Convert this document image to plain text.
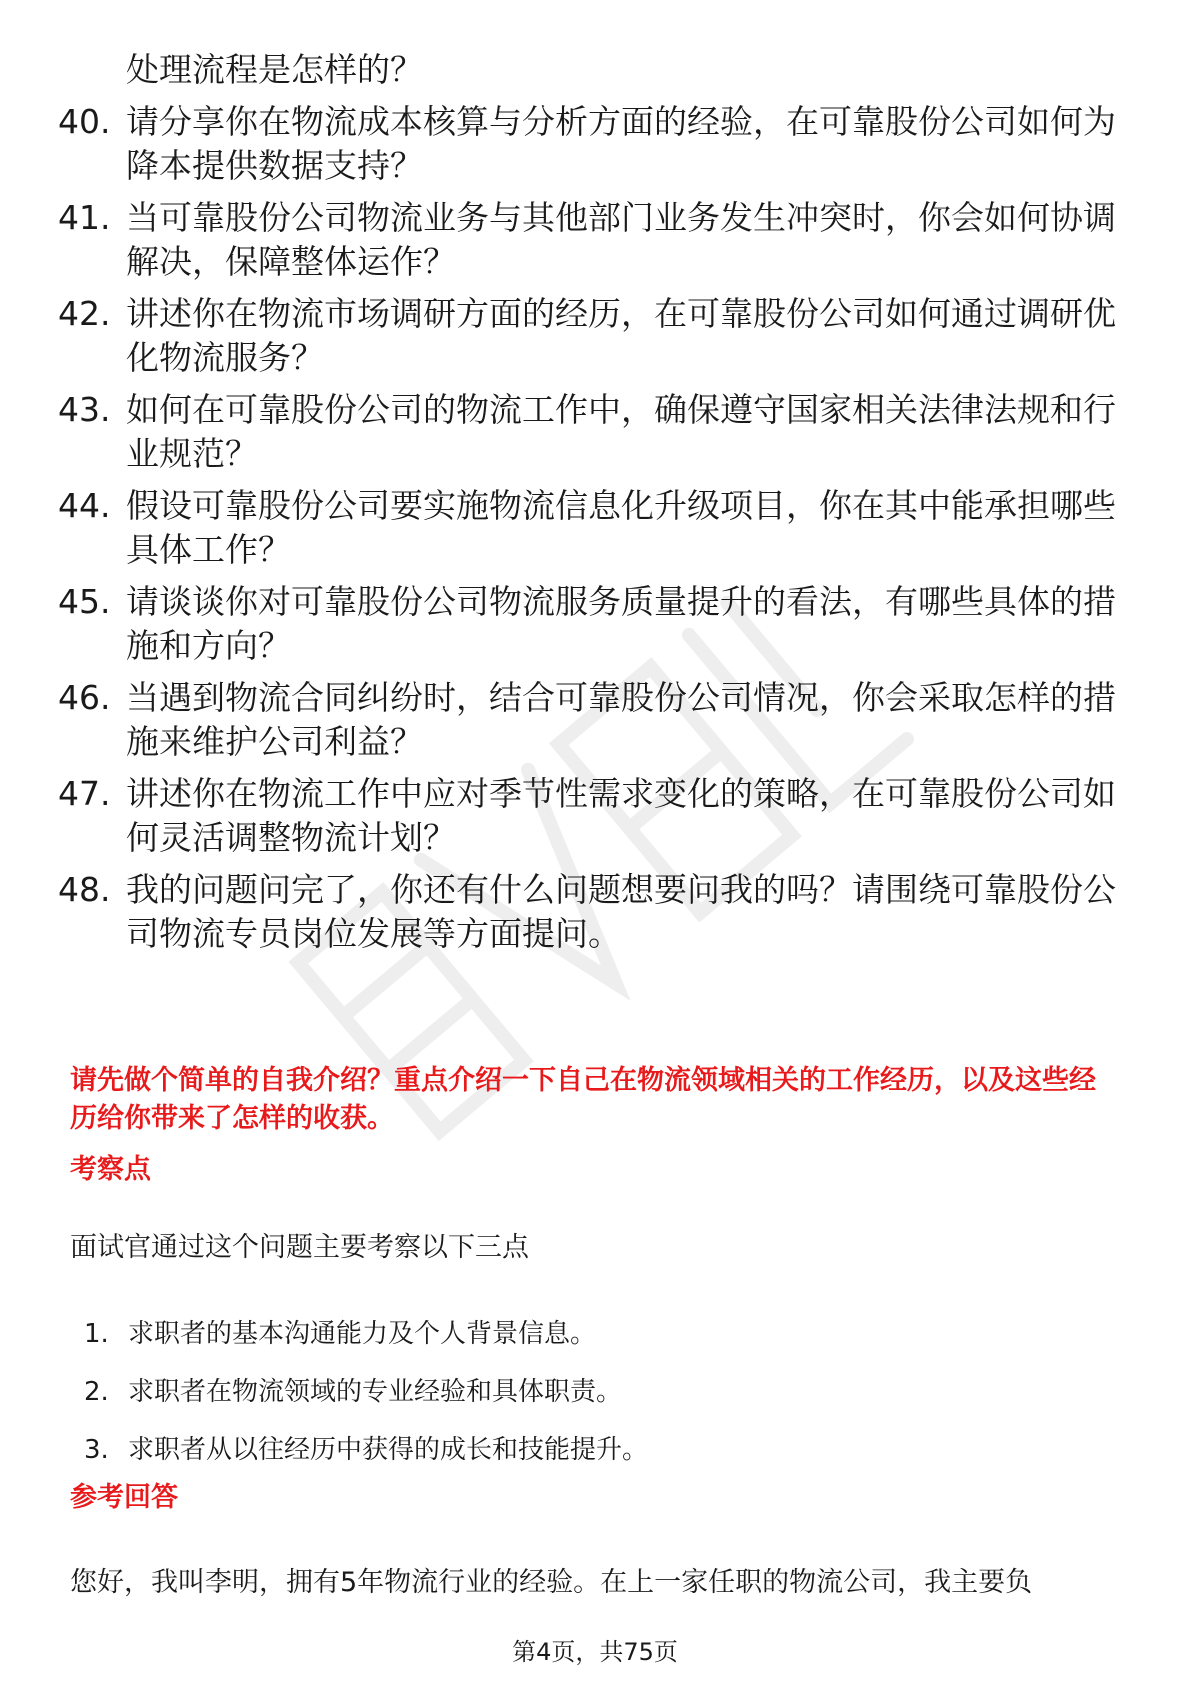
处理流程是怎样的？
40. 请分享你在物流成本核算与分析方面的经验，在可靠股份公司如何为降本提供数据支持？
41. 当可靠股份公司物流业务与其他部门业务发生冲突时，你会如何协调解决，保障整体运作？
42. 讲述你在物流市场调研方面的经历，在可靠股份公司如何通过调研优化物流服务？
43. 如何在可靠股份公司的物流工作中，确保遵守国家相关法律法规和行业规范？
44. 假设可靠股份公司要实施物流信息化升级项目，你在其中能承担哪些具体工作？
45. 请谈谈你对可靠股份公司物流服务质量提升的看法，有哪些具体的措施和方向？
46. 当遇到物流合同纠纷时，结合可靠股份公司情况，你会采取怎样的措施来维护公司利益？
47. 讲述你在物流工作中应对季节性需求变化的策略，在可靠股份公司如何灵活调整物流计划？
48. 我的问题问完了，你还有什么问题想要问我的吗？请围绕可靠股份公司物流专员岗位发展等方面提问。
请先做个简单的自我介绍？重点介绍一下自己在物流领域相关的工作经历，以及这些经历给你带来了怎样的收获。
考察点
面试官通过这个问题主要考察以下三点
1. 求职者的基本沟通能力及个人背景信息。
2. 求职者在物流领域的专业经验和具体职责。
3. 求职者从以往经历中获得的成长和技能提升。
参考回答
您好，我叫李明，拥有5年物流行业的经验。在上一家任职的物流公司，我主要负
第4页，共75页
